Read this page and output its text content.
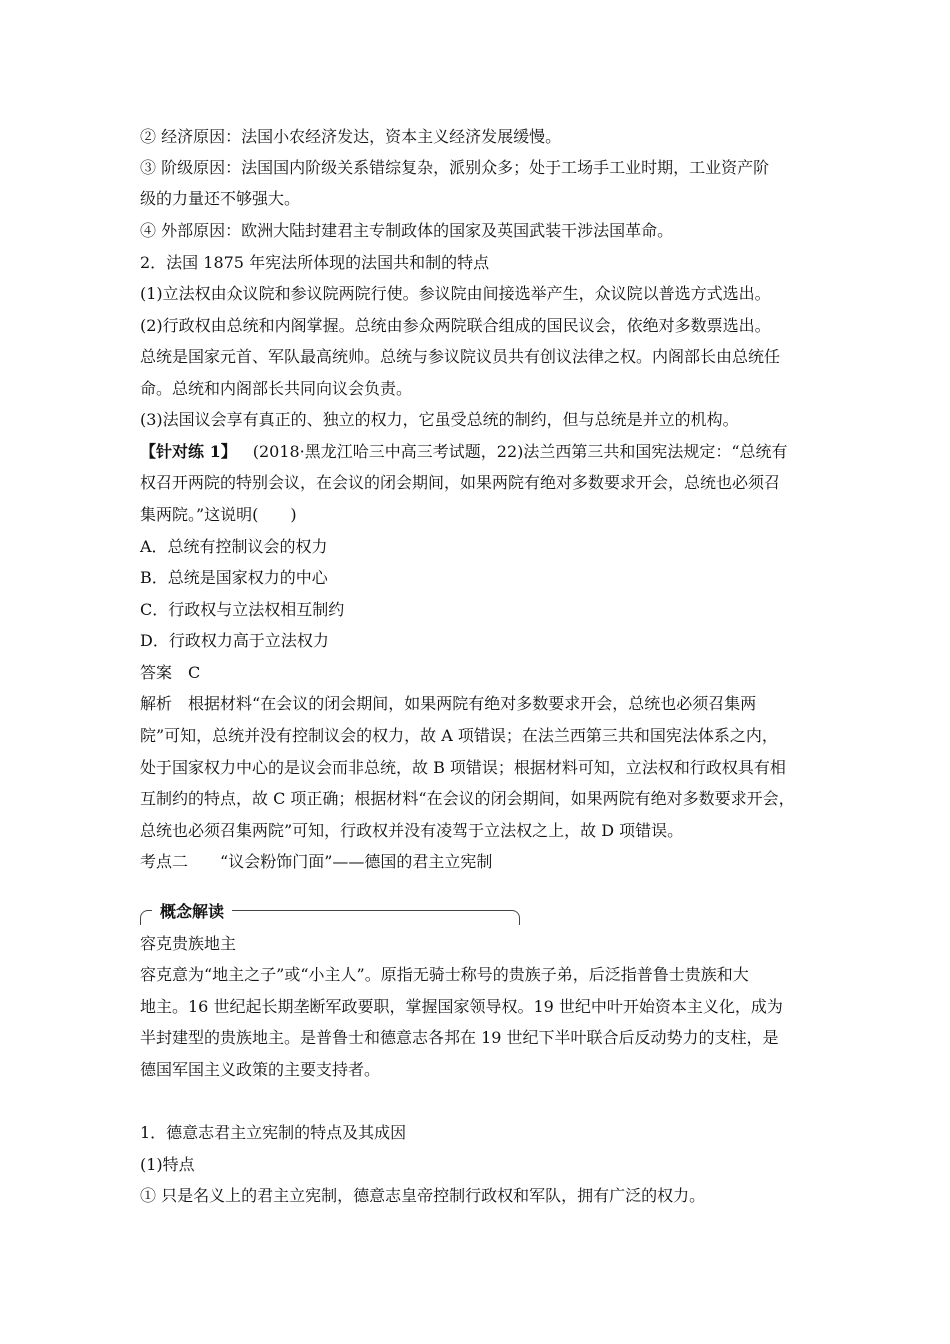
② 经济原因：法国小农经济发达，资本主义经济发展缓慢。
③ 阶级原因：法国国内阶级关系错综复杂，派别众多；处于工场手工业时期，工业资产阶
级的力量还不够强大。
④ 外部原因：欧洲大陆封建君主专制政体的国家及英国武装干涉法国革命。
2．法国 1875 年宪法所体现的法国共和制的特点
(1)立法权由众议院和参议院两院行使。参议院由间接选举产生，众议院以普选方式选出。
(2)行政权由总统和内阁掌握。总统由参众两院联合组成的国民议会，依绝对多数票选出。
总统是国家元首、军队最高统帅。总统与参议院议员共有创议法律之权。内阁部长由总统任
命。总统和内阁部长共同向议会负责。
(3)法国议会享有真正的、独立的权力，它虽受总统的制约，但与总统是并立的机构。
【针对练 1】 (2018·黑龙江哈三中高三考试题，22)法兰西第三共和国宪法规定：“总统有
权召开两院的特别会议，在会议的闭会期间，如果两院有绝对多数要求开会，总统也必须召
集两院。”这说明(　　)
A．总统有控制议会的权力
B．总统是国家权力的中心
C．行政权与立法权相互制约
D．行政权力高于立法权力
答案 C
解析 根据材料“在会议的闭会期间，如果两院有绝对多数要求开会，总统也必须召集两
院”可知，总统并没有控制议会的权力，故 A 项错误；在法兰西第三共和国宪法体系之内，
处于国家权力中心的是议会而非总统，故 B 项错误；根据材料可知，立法权和行政权具有相
互制约的特点，故 C 项正确；根据材料“在会议的闭会期间，如果两院有绝对多数要求开会，
总统也必须召集两院”可知，行政权并没有凌驾于立法权之上，故 D 项错误。
考点二 “议会粉饰门面”——德国的君主立宪制
概念解读
容克贵族地主
容克意为“地主之子”或“小主人”。原指无骑士称号的贵族子弟，后泛指普鲁士贵族和大
地主。16 世纪起长期垄断军政要职，掌握国家领导权。19 世纪中叶开始资本主义化，成为
半封建型的贵族地主。是普鲁士和德意志各邦在 19 世纪下半叶联合后反动势力的支柱，是
德国军国主义政策的主要支持者。
1．德意志君主立宪制的特点及其成因
(1)特点
① 只是名义上的君主立宪制，德意志皇帝控制行政权和军队，拥有广泛的权力。
